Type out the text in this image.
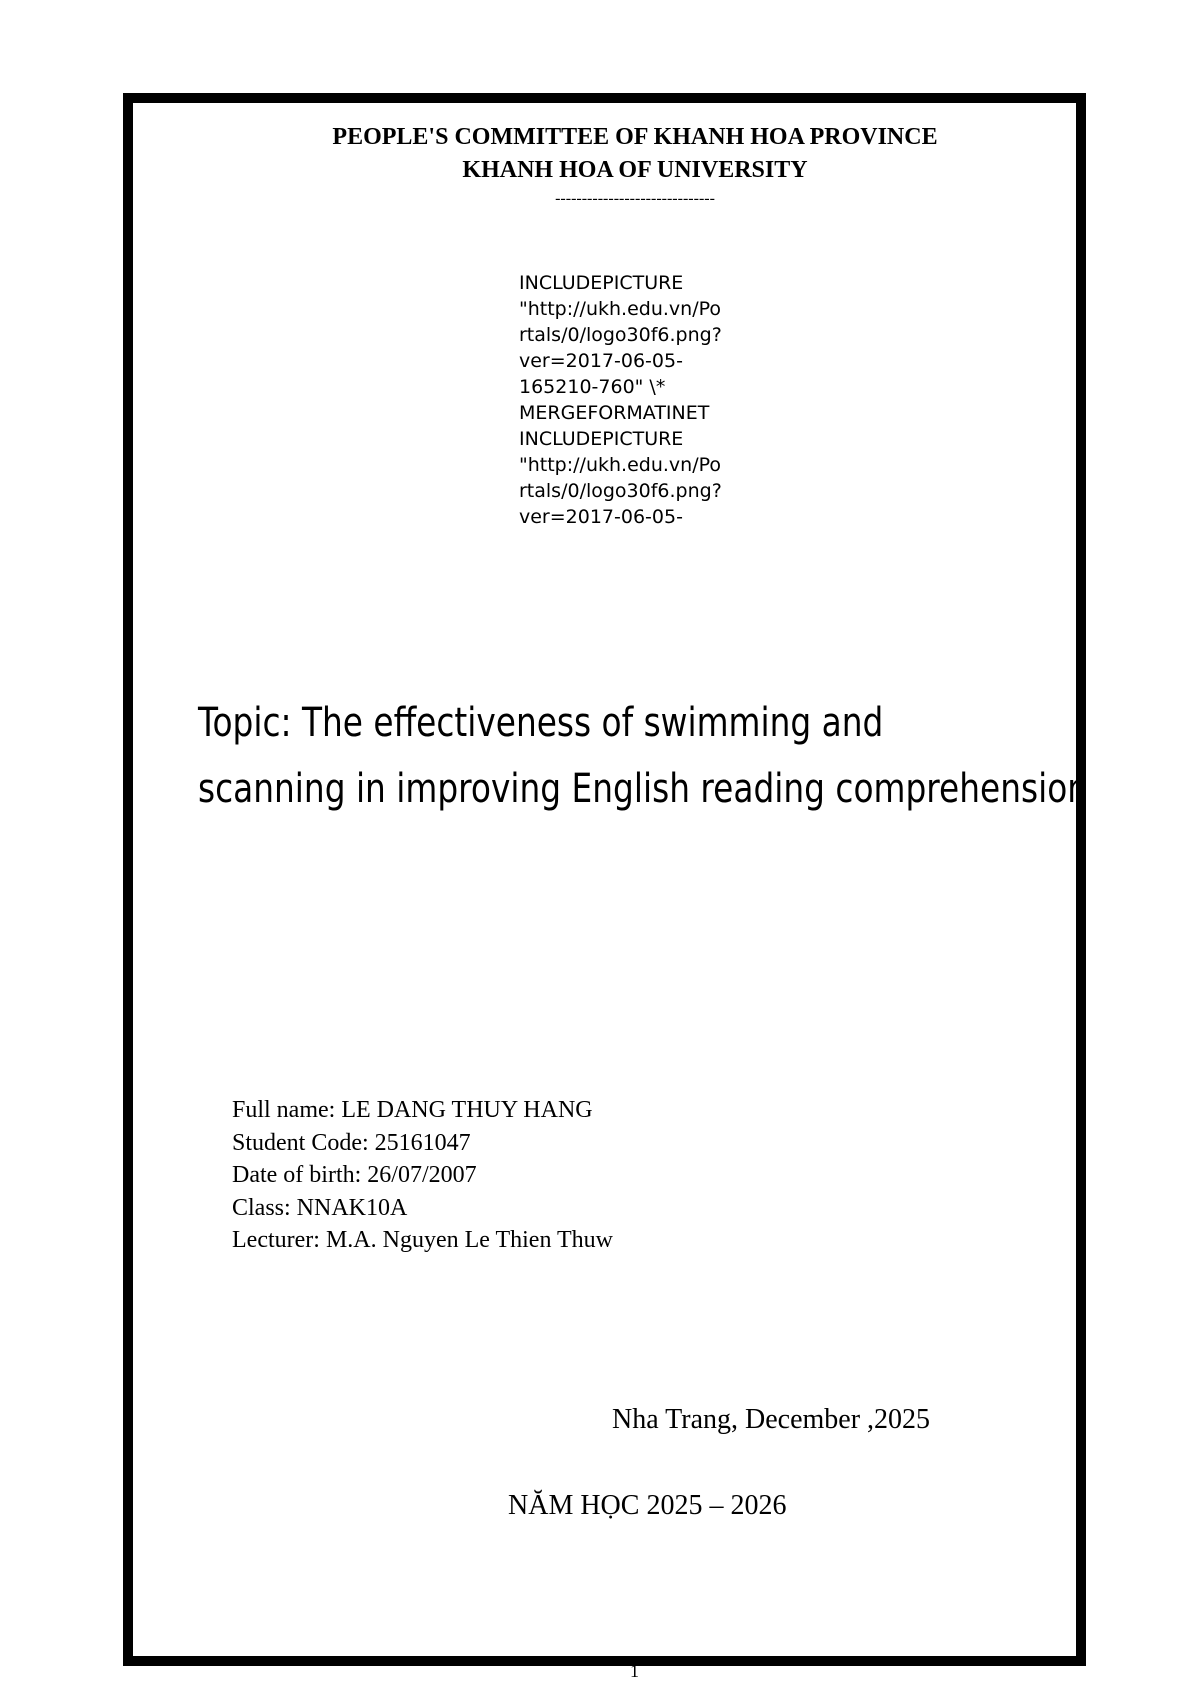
PEOPLE'S COMMITTEE OF KHANH HOA PROVINCE
KHANH HOA OF UNIVERSITY
------------------------------
INCLUDEPICTURE
"http://ukh.edu.vn/Po
rtals/0/logo30f6.png?
ver=2017-06-05-
165210-760" \*
MERGEFORMATINET
INCLUDEPICTURE
"http://ukh.edu.vn/Po
rtals/0/logo30f6.png?
ver=2017-06-05-
Topic: The effectiveness of swimming and
scanning in improving English reading comprehension
Full name: LE DANG THUY HANG
Student Code: 25161047
Date of birth: 26/07/2007
Class: NNAK10A
Lecturer: M.A. Nguyen Le Thien Thuw
Nha Trang, December ,2025
NĂM HỌC 2025 – 2026
1
